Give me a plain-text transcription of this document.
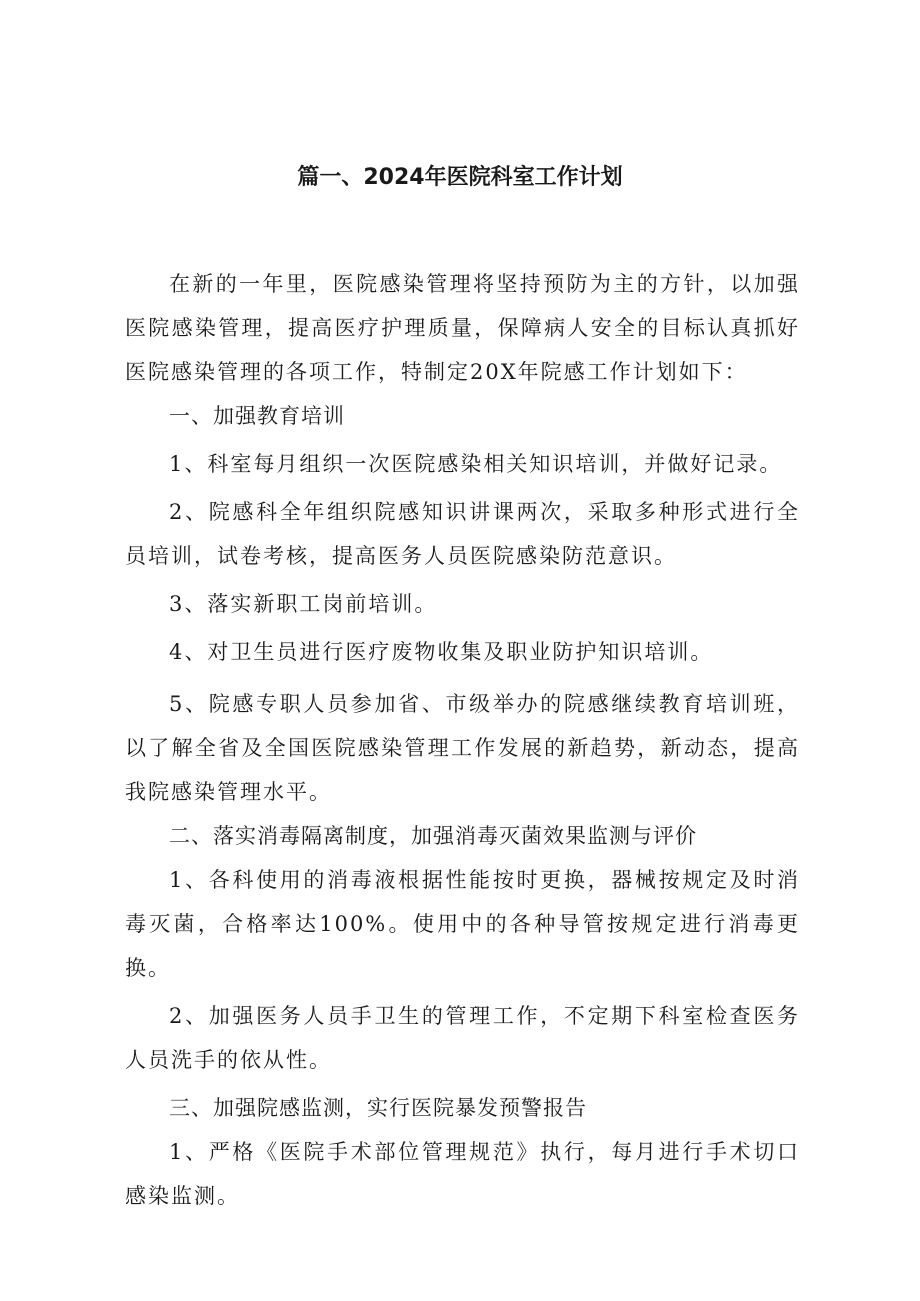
篇一、2024年医院科室工作计划

在新的一年里，医院感染管理将坚持预防为主的方针，以加强医院感染管理，提高医疗护理质量，保障病人安全的目标认真抓好医院感染管理的各项工作，特制定20X年院感工作计划如下：

一、加强教育培训

1、科室每月组织一次医院感染相关知识培训，并做好记录。

2、院感科全年组织院感知识讲课两次，采取多种形式进行全员培训，试卷考核，提高医务人员医院感染防范意识。

3、落实新职工岗前培训。

4、对卫生员进行医疗废物收集及职业防护知识培训。

5、院感专职人员参加省、市级举办的院感继续教育培训班，以了解全省及全国医院感染管理工作发展的新趋势，新动态，提高我院感染管理水平。

二、落实消毒隔离制度，加强消毒灭菌效果监测与评价

1、各科使用的消毒液根据性能按时更换，器械按规定及时消毒灭菌，合格率达100%。使用中的各种导管按规定进行消毒更换。

2、加强医务人员手卫生的管理工作，不定期下科室检查医务人员洗手的依从性。

三、加强院感监测，实行医院暴发预警报告

1、严格《医院手术部位管理规范》执行，每月进行手术切口感染监测。
